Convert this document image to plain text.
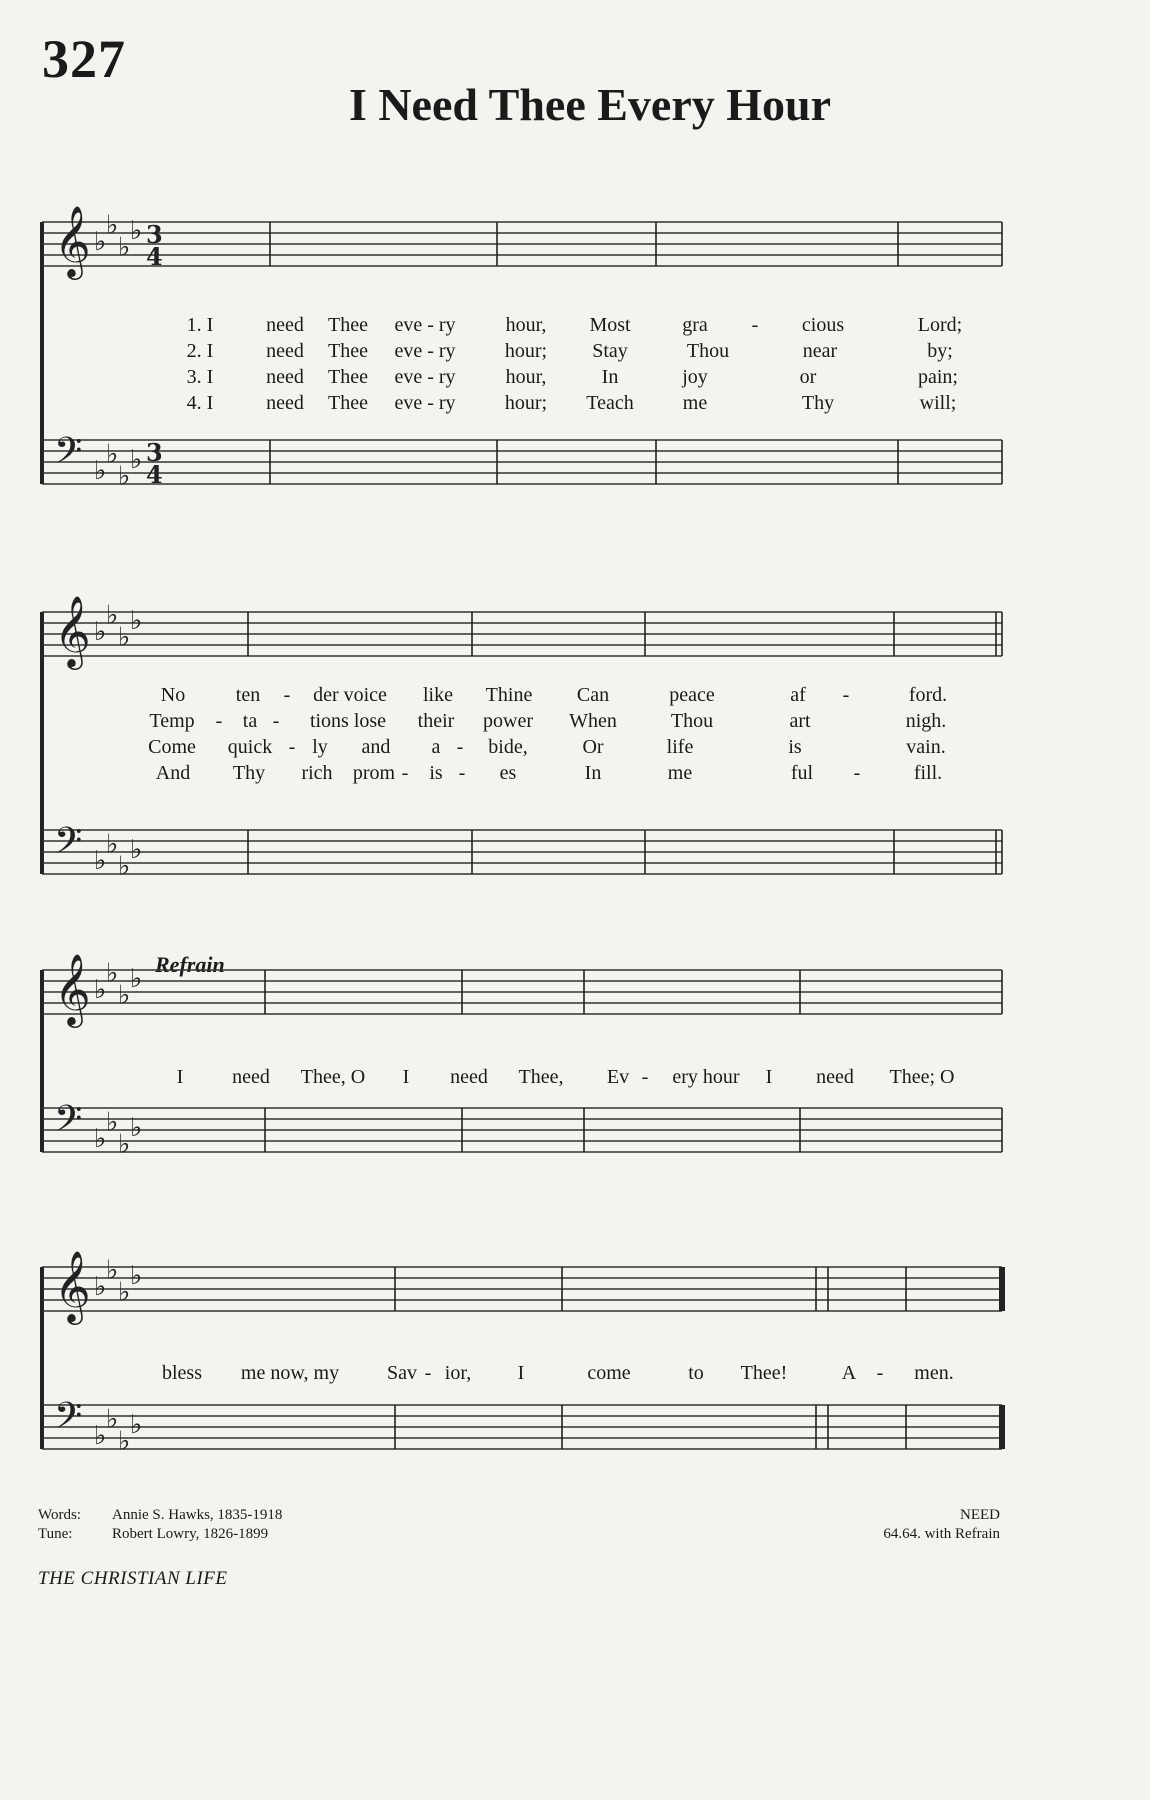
327
I Need Thee Every Hour
𝄞 ♭
♭
♭
♭ 3
4
𝄢 ♭
♭
♭
♭ 3
4
1. I	need Thee eve - ry	hour, Most	gra - cious	Lord;
2. I	need Thee eve - ry hour; Stay	Thou	near	by;
3. I	need Thee eve - ry	hour,	In	joy	or	pain;
4. I	need Thee eve - ry hour; Teach me	Thy	will;
𝄞 ♭
♭
♭
♭
𝄢 ♭
♭
♭
♭
No	ten - der voice like Thine Can	peace	af -	ford.
Temp - ta - tions lose their power When	Thou	art	nigh.
Come quick - ly and a - bide,	Or	life	is	vain.
And Thy rich prom - is - es	In	me	ful -	fill.
Refrain
𝄞 ♭
♭
♭
♭
𝄢 ♭
♭
♭
♭
I need Thee, O I need Thee, Ev - ery hour I need Thee; O
𝄞 ♭
♭
♭
♭
𝄢 ♭
♭
♭
♭
bless me now, my Sav - ior, I	come	to Thee!	A - men.
Words: Annie S. Hawks, 1835-1918
Tune:	Robert Lowry, 1826-1899
NEED
64.64. with Refrain
THE CHRISTIAN LIFE
